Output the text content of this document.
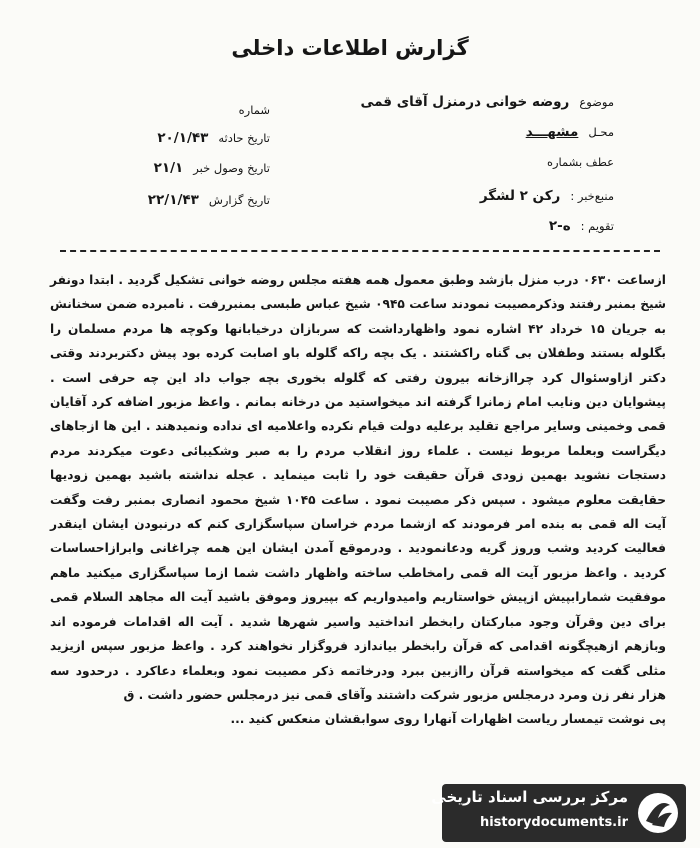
گزارش اطلاعات داخلی
موضوع روضه خوانی درمنزل آقای قمی
محـل مشهـــد
عطف بشماره
منبع‌خبر : رکن ۲ لشگر
تقویم : ه-۲
شماره
تاریخ حادثه ۲۰/۱/۴۳
تاریخ وصول خبر ۲۱/۱
تاریخ گزارش ۲۲/۱/۴۳

ازساعت ۰۶۳۰ درب منزل بازشد وطبق معمول همه هفته مجلس روضه خوانی تشکیل گردید . ابتدا دونفر شیخ بمنبر رفتند وذکرمصیبت نمودند ساعت ۰۹۴۵ شیخ عباس طبسی بمنبررفت . نامبرده ضمن سخنانش به جریان ۱۵ خرداد ۴۲ اشاره نمود واظهارداشت که سربازان درخیابانها وکوچه ها مردم مسلمان را بگلوله بستند وطفلان بی گناه راکشتند . یک بچه راکه گلوله باو اصابت کرده بود پیش دکتربردند وقتی دکتر ازاوسئوال کرد چراازخانه بیرون رفتی که گلوله بخوری بچه جواب داد این چه حرفی است . پیشوایان دین ونایب امام زمانرا گرفته اند میخواستید من درخانه بمانم . واعظ مزبور اضافه کرد آقایان قمی وخمینی وسایر مراجع تقلید برعلیه دولت قیام نکرده واعلامیه ای نداده ونمیدهند . این ها ازجاهای دیگراست وبعلما مربوط نیست . علماء روز انقلاب مردم را به صبر وشکیبائی دعوت میکردند مردم دستجات نشوید بهمین زودی قرآن حقیقت خود را ثابت مینماید . عجله نداشته باشید بهمین زودیها حقایقت معلوم میشود . سپس ذکر مصیبت نمود . ساعت ۱۰۴۵ شیخ محمود انصاری بمنبر رفت وگفت آیت اله قمی به بنده امر فرمودند که ازشما مردم خراسان سپاسگزاری کنم که درنبودن ایشان اینقدر فعالیت کردید وشب وروز گریه ودعانمودید . ودرموقع آمدن ایشان این همه چراغانی وابرازاحساسات کردید . واعظ مزبور آیت اله قمی رامخاطب ساخته واظهار داشت شما ازما سپاسگزاری میکنید ماهم موفقیت شمارابپیش ازپیش خواستاریم وامیدواریم که بپیروز وموفق باشید آیت اله مجاهد السلام قمی برای دین وقرآن وجود مبارکتان رابخطر انداختید واسیر شهرها شدید . آیت اله اقدامات فرموده اند وبازهم ازهیچگونه اقدامی که قرآن رابخطر بیاندازد فروگزار نخواهند کرد . واعظ مزبور سپس ازیزید مثلی گفت که میخواسته قرآن راازبین ببرد ودرخاتمه ذکر مصیبت نمود وبعلماء دعاکرد . درحدود سه هزار نفر زن ومرد درمجلس مزبور شرکت داشتند وآقای قمی نیز درمجلس حضور داشت . ق

پی نوشت تیمسار ریاست اظهارات آنهارا روی سوابقشان منعکس کنید ...

مرکز بررسی اسناد تاریخی
historydocuments.ir
